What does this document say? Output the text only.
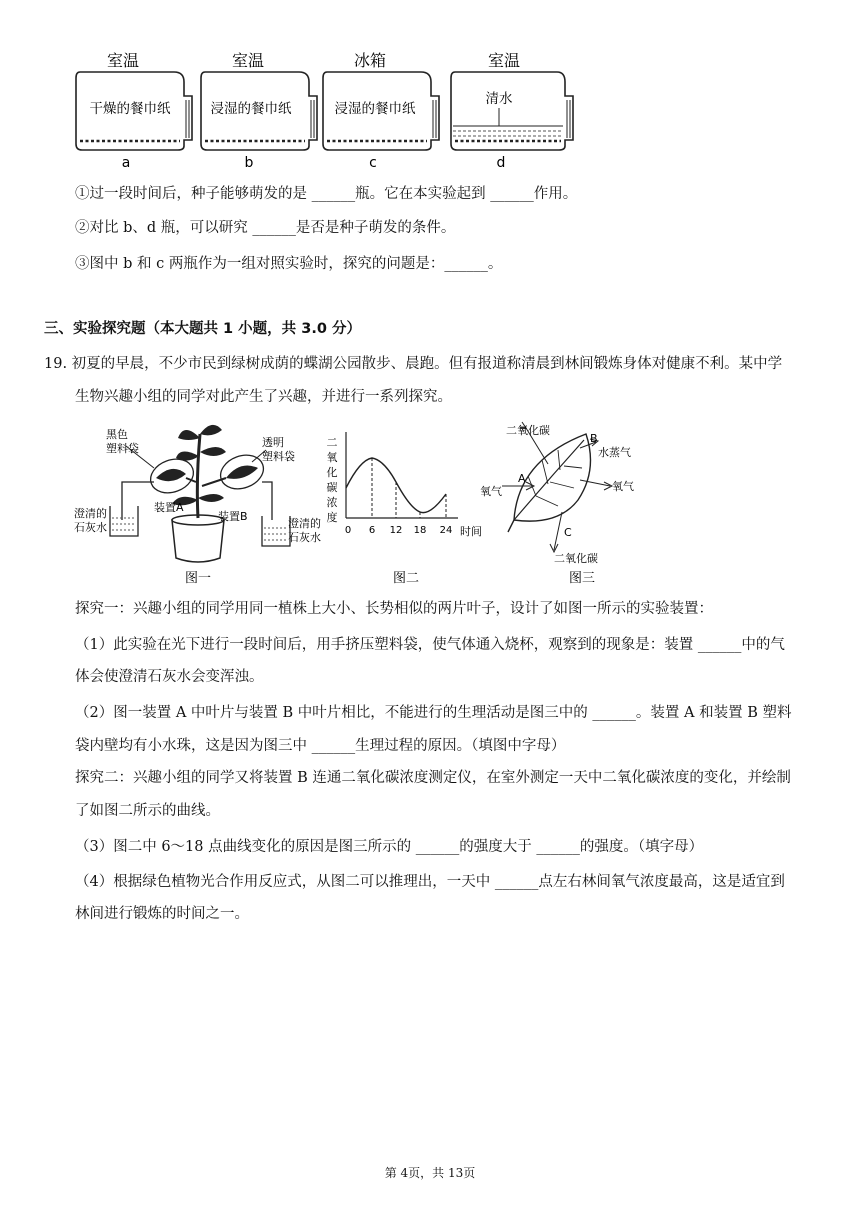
室温
干燥的餐巾纸
a
室温
浸湿的餐巾纸
b
冰箱
浸湿的餐巾纸
c
室温
清水
d
①过一段时间后，种子能够萌发的是 ______瓶。它在本实验起到 ______作用。
②对比 b、d 瓶，可以研究 ______是否是种子萌发的条件。
③图中 b 和 c 两瓶作为一组对照实验时，探究的问题是：______。
三、实验探究题（本大题共 1 小题，共 3.0 分）
19. 初夏的早晨，不少市民到绿树成荫的蝶湖公园散步、晨跑。但有报道称清晨到林间锻炼身体对健康不利。某中学
生物兴趣小组的同学对此产生了兴趣，并进行一系列探究。
黑色
塑料袋	透明
塑料袋
装置A
装置B
澄清的
石灰水	澄清的
石灰水
图一
二
氧
化
碳
浓
度
0 6 12 18 24 时间
图二
二氧化碳
B
水蒸气
氧气
A
氧气
C
二氧化碳
图三
探究一：兴趣小组的同学用同一植株上大小、长势相似的两片叶子，设计了如图一所示的实验装置：
（1）此实验在光下进行一段时间后，用手挤压塑料袋，使气体通入烧杯，观察到的现象是：装置 ______中的气
体会使澄清石灰水会变浑浊。
（2）图一装置 A 中叶片与装置 B 中叶片相比，不能进行的生理活动是图三中的 ______。装置 A 和装置 B 塑料
袋内壁均有小水珠，这是因为图三中 ______生理过程的原因。（填图中字母）
探究二：兴趣小组的同学又将装置 B 连通二氧化碳浓度测定仪，在室外测定一天中二氧化碳浓度的变化，并绘制
了如图二所示的曲线。
（3）图二中 6～18 点曲线变化的原因是图三所示的 ______的强度大于 ______的强度。（填字母）
（4）根据绿色植物光合作用反应式，从图二可以推理出，一天中 ______点左右林间氧气浓度最高，这是适宜到
林间进行锻炼的时间之一。
第 4页，共 13页
